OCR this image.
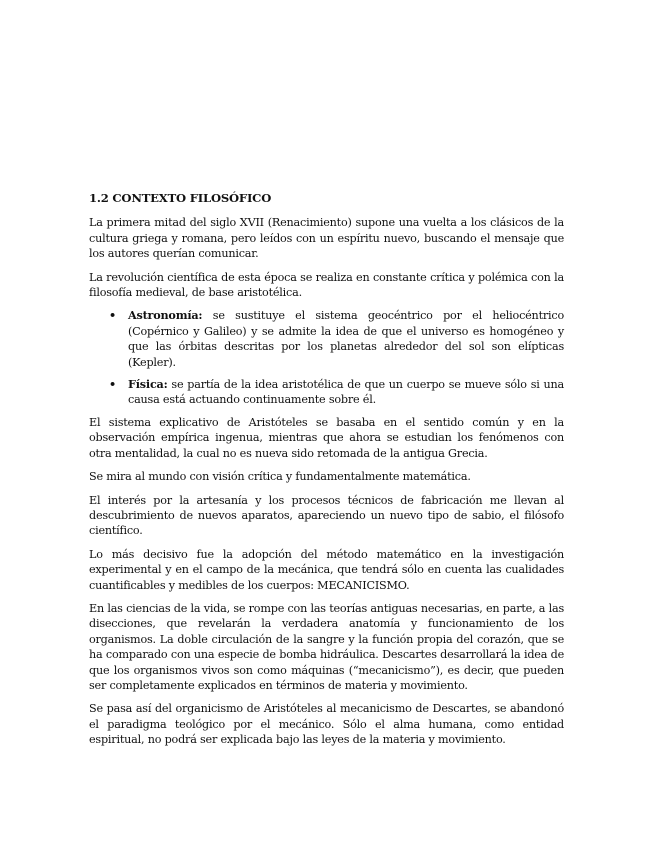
1.2 CONTEXTO FILOSÓFICO

La primera mitad del siglo XVII (Renacimiento) supone una vuelta a los clásicos de la cultura griega y romana, pero leídos con un espíritu nuevo, buscando el mensaje que los autores querían comunicar.

La revolución científica de esta época se realiza en constante crítica y polémica con la filosofía medieval, de base aristotélica.

• Astronomía: se sustituye el sistema geocéntrico por el heliocéntrico (Copérnico y Galileo) y se admite la idea de que el universo es homogéneo y que las órbitas descritas por los planetas alrededor del sol son elípticas (Kepler).
• Física: se partía de la idea aristotélica de que un cuerpo se mueve sólo si una causa está actuando continuamente sobre él.

El sistema explicativo de Aristóteles se basaba en el sentido común y en la observación empírica ingenua, mientras que ahora se estudian los fenómenos con otra mentalidad, la cual no es nueva sido retomada de la antigua Grecia.

Se mira al mundo con visión crítica y fundamentalmente matemática.

El interés por la artesanía y los procesos técnicos de fabricación me llevan al descubrimiento de nuevos aparatos, apareciendo un nuevo tipo de sabio, el filósofo científico.

Lo más decisivo fue la adopción del método matemático en la investigación experimental y en el campo de la mecánica, que tendrá sólo en cuenta las cualidades cuantificables y medibles de los cuerpos: MECANICISMO.

En las ciencias de la vida, se rompe con las teorías antiguas necesarias, en parte, a las disecciones, que revelarán la verdadera anatomía y funcionamiento de los organismos. La doble circulación de la sangre y la función propia del corazón, que se ha comparado con una especie de bomba hidráulica. Descartes desarrollará la idea de que los organismos vivos son como máquinas (“mecanicismo”), es decir, que pueden ser completamente explicados en términos de materia y movimiento.

Se pasa así del organicismo de Aristóteles al mecanicismo de Descartes, se abandonó el paradigma teológico por el mecánico. Sólo el alma humana, como entidad espiritual, no podrá ser explicada bajo las leyes de la materia y movimiento.
